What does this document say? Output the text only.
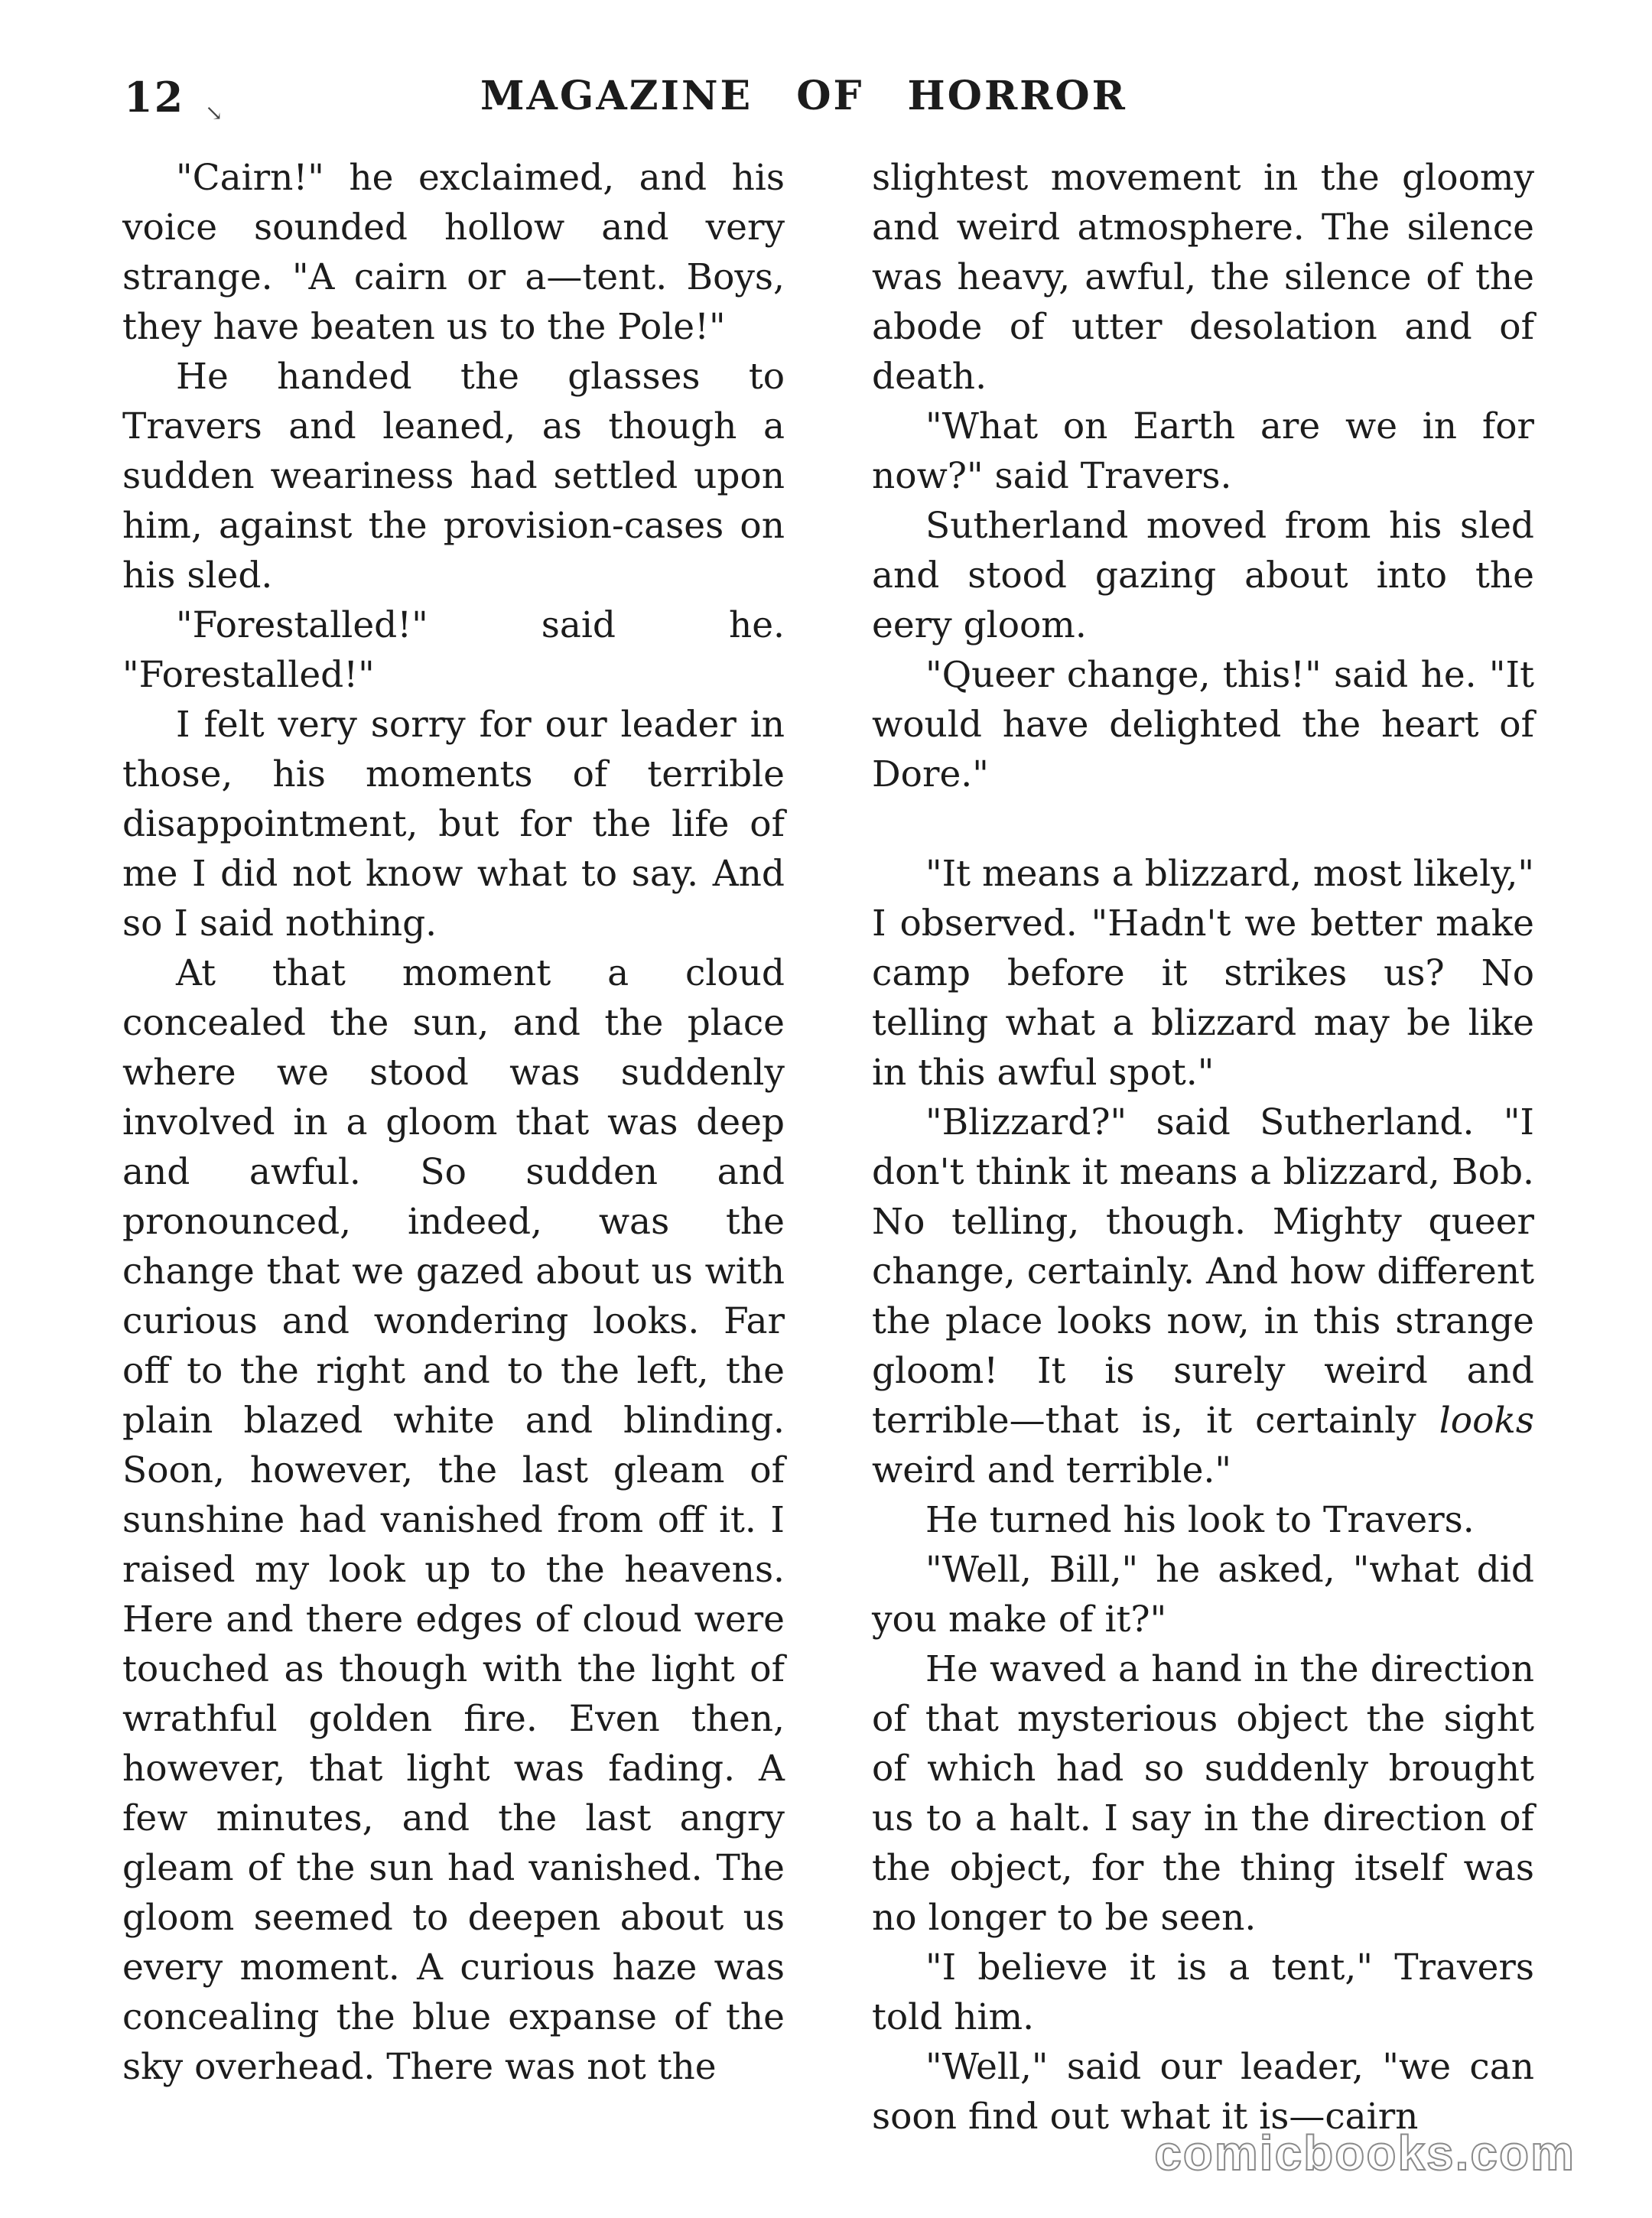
12 ↘	MAGAZINE OF HORROR

"Cairn!" he exclaimed, and his voice sounded hollow and very strange. "A cairn or a—tent. Boys, they have beaten us to the Pole!"

He handed the glasses to Travers and leaned, as though a sudden weariness had settled upon him, against the provision-cases on his sled.

"Forestalled!" said he. "Forestalled!"

I felt very sorry for our leader in those, his moments of terrible disappointment, but for the life of me I did not know what to say. And so I said nothing.

At that moment a cloud concealed the sun, and the place where we stood was suddenly involved in a gloom that was deep and awful. So sudden and pronounced, indeed, was the change that we gazed about us with curious and wondering looks. Far off to the right and to the left, the plain blazed white and blinding. Soon, however, the last gleam of sunshine had vanished from off it. I raised my look up to the heavens. Here and there edges of cloud were touched as though with the light of wrathful golden fire. Even then, however, that light was fading. A few minutes, and the last angry gleam of the sun had vanished. The gloom seemed to deepen about us every moment. A curious haze was concealing the blue expanse of the sky overhead. There was not the

slightest movement in the gloomy and weird atmosphere. The silence was heavy, awful, the silence of the abode of utter desolation and of death.

"What on Earth are we in for now?" said Travers.

Sutherland moved from his sled and stood gazing about into the eery gloom.

"Queer change, this!" said he. "It would have delighted the heart of Dore."

"It means a blizzard, most likely," I observed. "Hadn't we better make camp before it strikes us? No telling what a blizzard may be like in this awful spot."

"Blizzard?" said Sutherland. "I don't think it means a blizzard, Bob. No telling, though. Mighty queer change, certainly. And how different the place looks now, in this strange gloom! It is surely weird and terrible—that is, it certainly looks weird and terrible."

He turned his look to Travers.

"Well, Bill," he asked, "what did you make of it?"

He waved a hand in the direction of that mysterious object the sight of which had so suddenly brought us to a halt. I say in the direction of the object, for the thing itself was no longer to be seen.

"I believe it is a tent," Travers told him.

"Well," said our leader, "we can soon find out what it is—cairn

comicbooks.com
